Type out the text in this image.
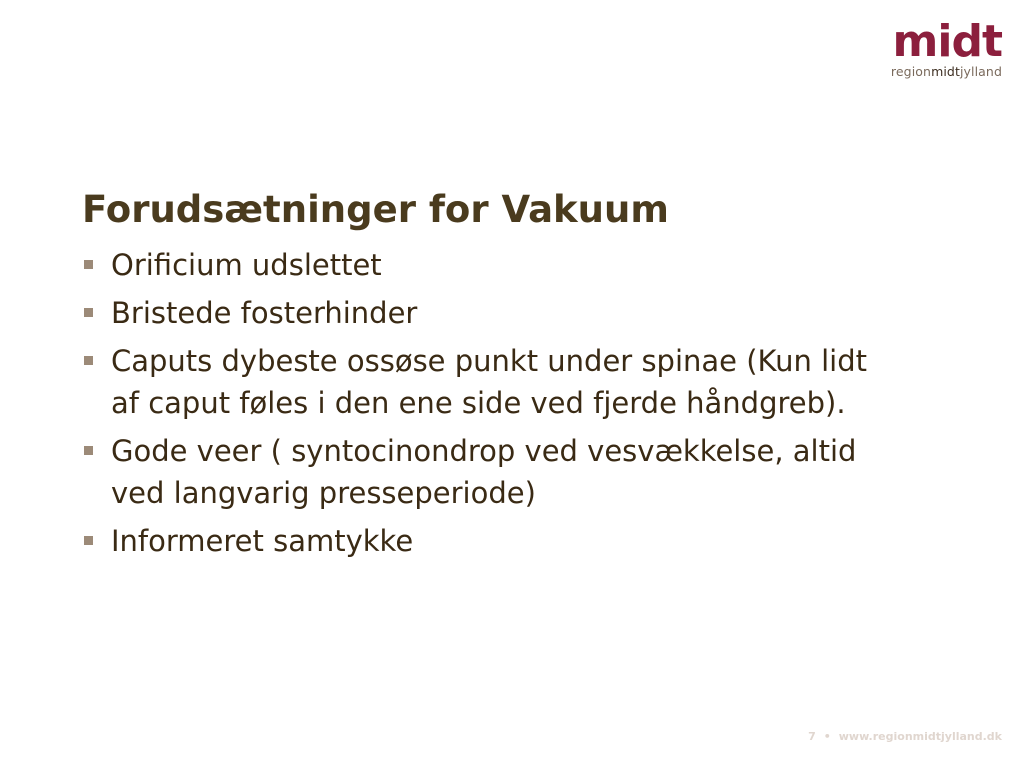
midt
regionmidtjylland
Forudsætninger for Vakuum
Orificium udslettet
Bristede fosterhinder
Caputs dybeste ossøse punkt under spinae (Kun lidt af caput føles i den ene side ved fjerde håndgreb).
Gode veer ( syntocinondrop ved vesvækkelse, altid ved langvarig presseperiode)
Informeret samtykke
7 • www.regionmidtjylland.dk
